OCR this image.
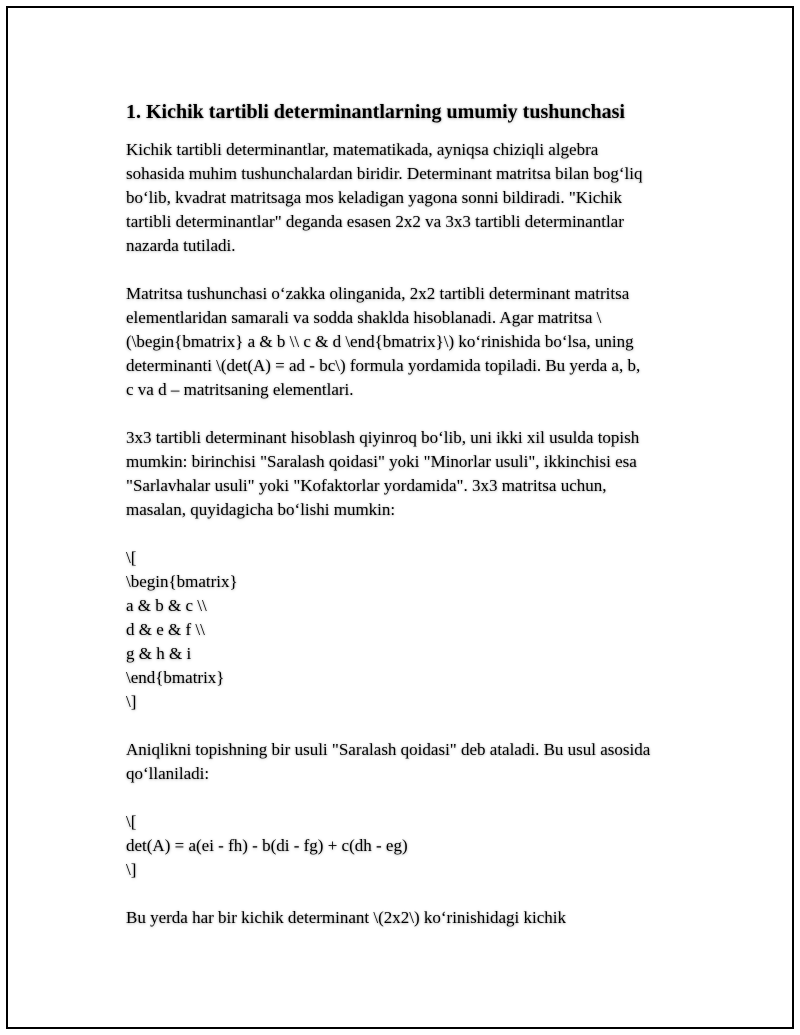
1. Kichik tartibli determinantlarning umumiy tushunchasi
Kichik tartibli determinantlar, matematikada, ayniqsa chiziqli algebra
sohasida muhim tushunchalardan biridir. Determinant matritsa bilan bog‘liq
bo‘lib, kvadrat matritsaga mos keladigan yagona sonni bildiradi. "Kichik
tartibli determinantlar" deganda esasen 2x2 va 3x3 tartibli determinantlar
nazarda tutiladi.
Matritsa tushunchasi o‘zakka olinganida, 2x2 tartibli determinant matritsa
elementlaridan samarali va sodda shaklda hisoblanadi. Agar matritsa \
(\begin{bmatrix} a & b \\ c & d \end{bmatrix}\) ko‘rinishida bo‘lsa, uning
determinanti \(det(A) = ad - bc\) formula yordamida topiladi. Bu yerda a, b,
c va d – matritsaning elementlari.
3x3 tartibli determinant hisoblash qiyinroq bo‘lib, uni ikki xil usulda topish
mumkin: birinchisi "Saralash qoidasi" yoki "Minorlar usuli", ikkinchisi esa
"Sarlavhalar usuli" yoki "Kofaktorlar yordamida". 3x3 matritsa uchun,
masalan, quyidagicha bo‘lishi mumkin:
\[
\begin{bmatrix}
a & b & c \\
d & e & f \\
g & h & i
\end{bmatrix}
\]
Aniqlikni topishning bir usuli "Saralash qoidasi" deb ataladi. Bu usul asosida
qo‘llaniladi:
\[
det(A) = a(ei - fh) - b(di - fg) + c(dh - eg)
\]
Bu yerda har bir kichik determinant \(2x2\) ko‘rinishidagi kichik
